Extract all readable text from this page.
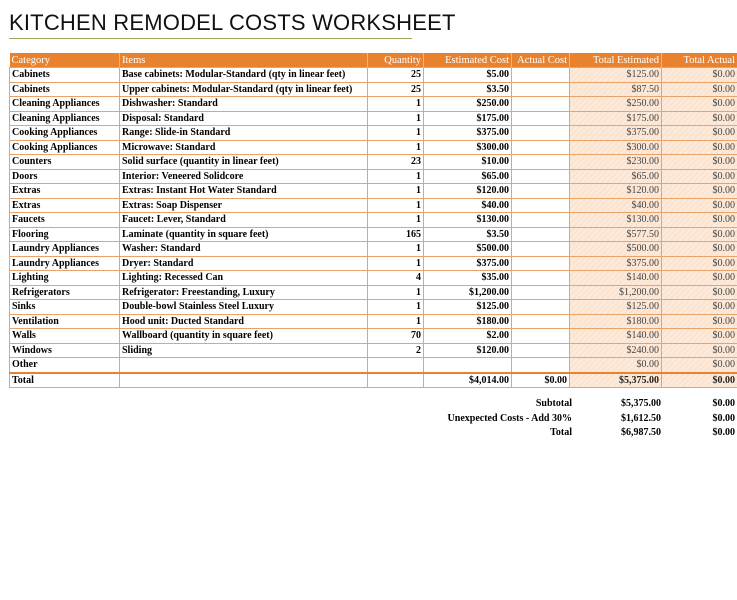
KITCHEN REMODEL COSTS WORKSHEET
Category	Items	Quantity	Estimated Cost	Actual Cost	Total Estimated	Total Actual
Cabinets	Base cabinets: Modular-Standard (qty in linear feet)	25	$5.00		$125.00	$0.00
Cabinets	Upper cabinets: Modular-Standard (qty in linear feet)	25	$3.50		$87.50	$0.00
Cleaning Appliances	Dishwasher: Standard	1	$250.00		$250.00	$0.00
Cleaning Appliances	Disposal: Standard	1	$175.00		$175.00	$0.00
Cooking Appliances	Range: Slide-in Standard	1	$375.00		$375.00	$0.00
Cooking Appliances	Microwave: Standard	1	$300.00		$300.00	$0.00
Counters	Solid surface (quantity in linear feet)	23	$10.00		$230.00	$0.00
Doors	Interior: Veneered Solidcore	1	$65.00		$65.00	$0.00
Extras	Extras: Instant Hot Water Standard	1	$120.00		$120.00	$0.00
Extras	Extras: Soap Dispenser	1	$40.00		$40.00	$0.00
Faucets	Faucet: Lever, Standard	1	$130.00		$130.00	$0.00
Flooring	Laminate (quantity in square feet)	165	$3.50		$577.50	$0.00
Laundry Appliances	Washer: Standard	1	$500.00		$500.00	$0.00
Laundry Appliances	Dryer: Standard	1	$375.00		$375.00	$0.00
Lighting	Lighting: Recessed Can	4	$35.00		$140.00	$0.00
Refrigerators	Refrigerator: Freestanding, Luxury	1	$1,200.00		$1,200.00	$0.00
Sinks	Double-bowl Stainless Steel Luxury	1	$125.00		$125.00	$0.00
Ventilation	Hood unit: Ducted Standard	1	$180.00		$180.00	$0.00
Walls	Wallboard (quantity in square feet)	70	$2.00		$140.00	$0.00
Windows	Sliding	2	$120.00		$240.00	$0.00
Other					$0.00	$0.00
Total			$4,014.00	$0.00	$5,375.00	$0.00
Subtotal	$5,375.00	$0.00
Unexpected Costs - Add 30%	$1,612.50	$0.00
Total	$6,987.50	$0.00
